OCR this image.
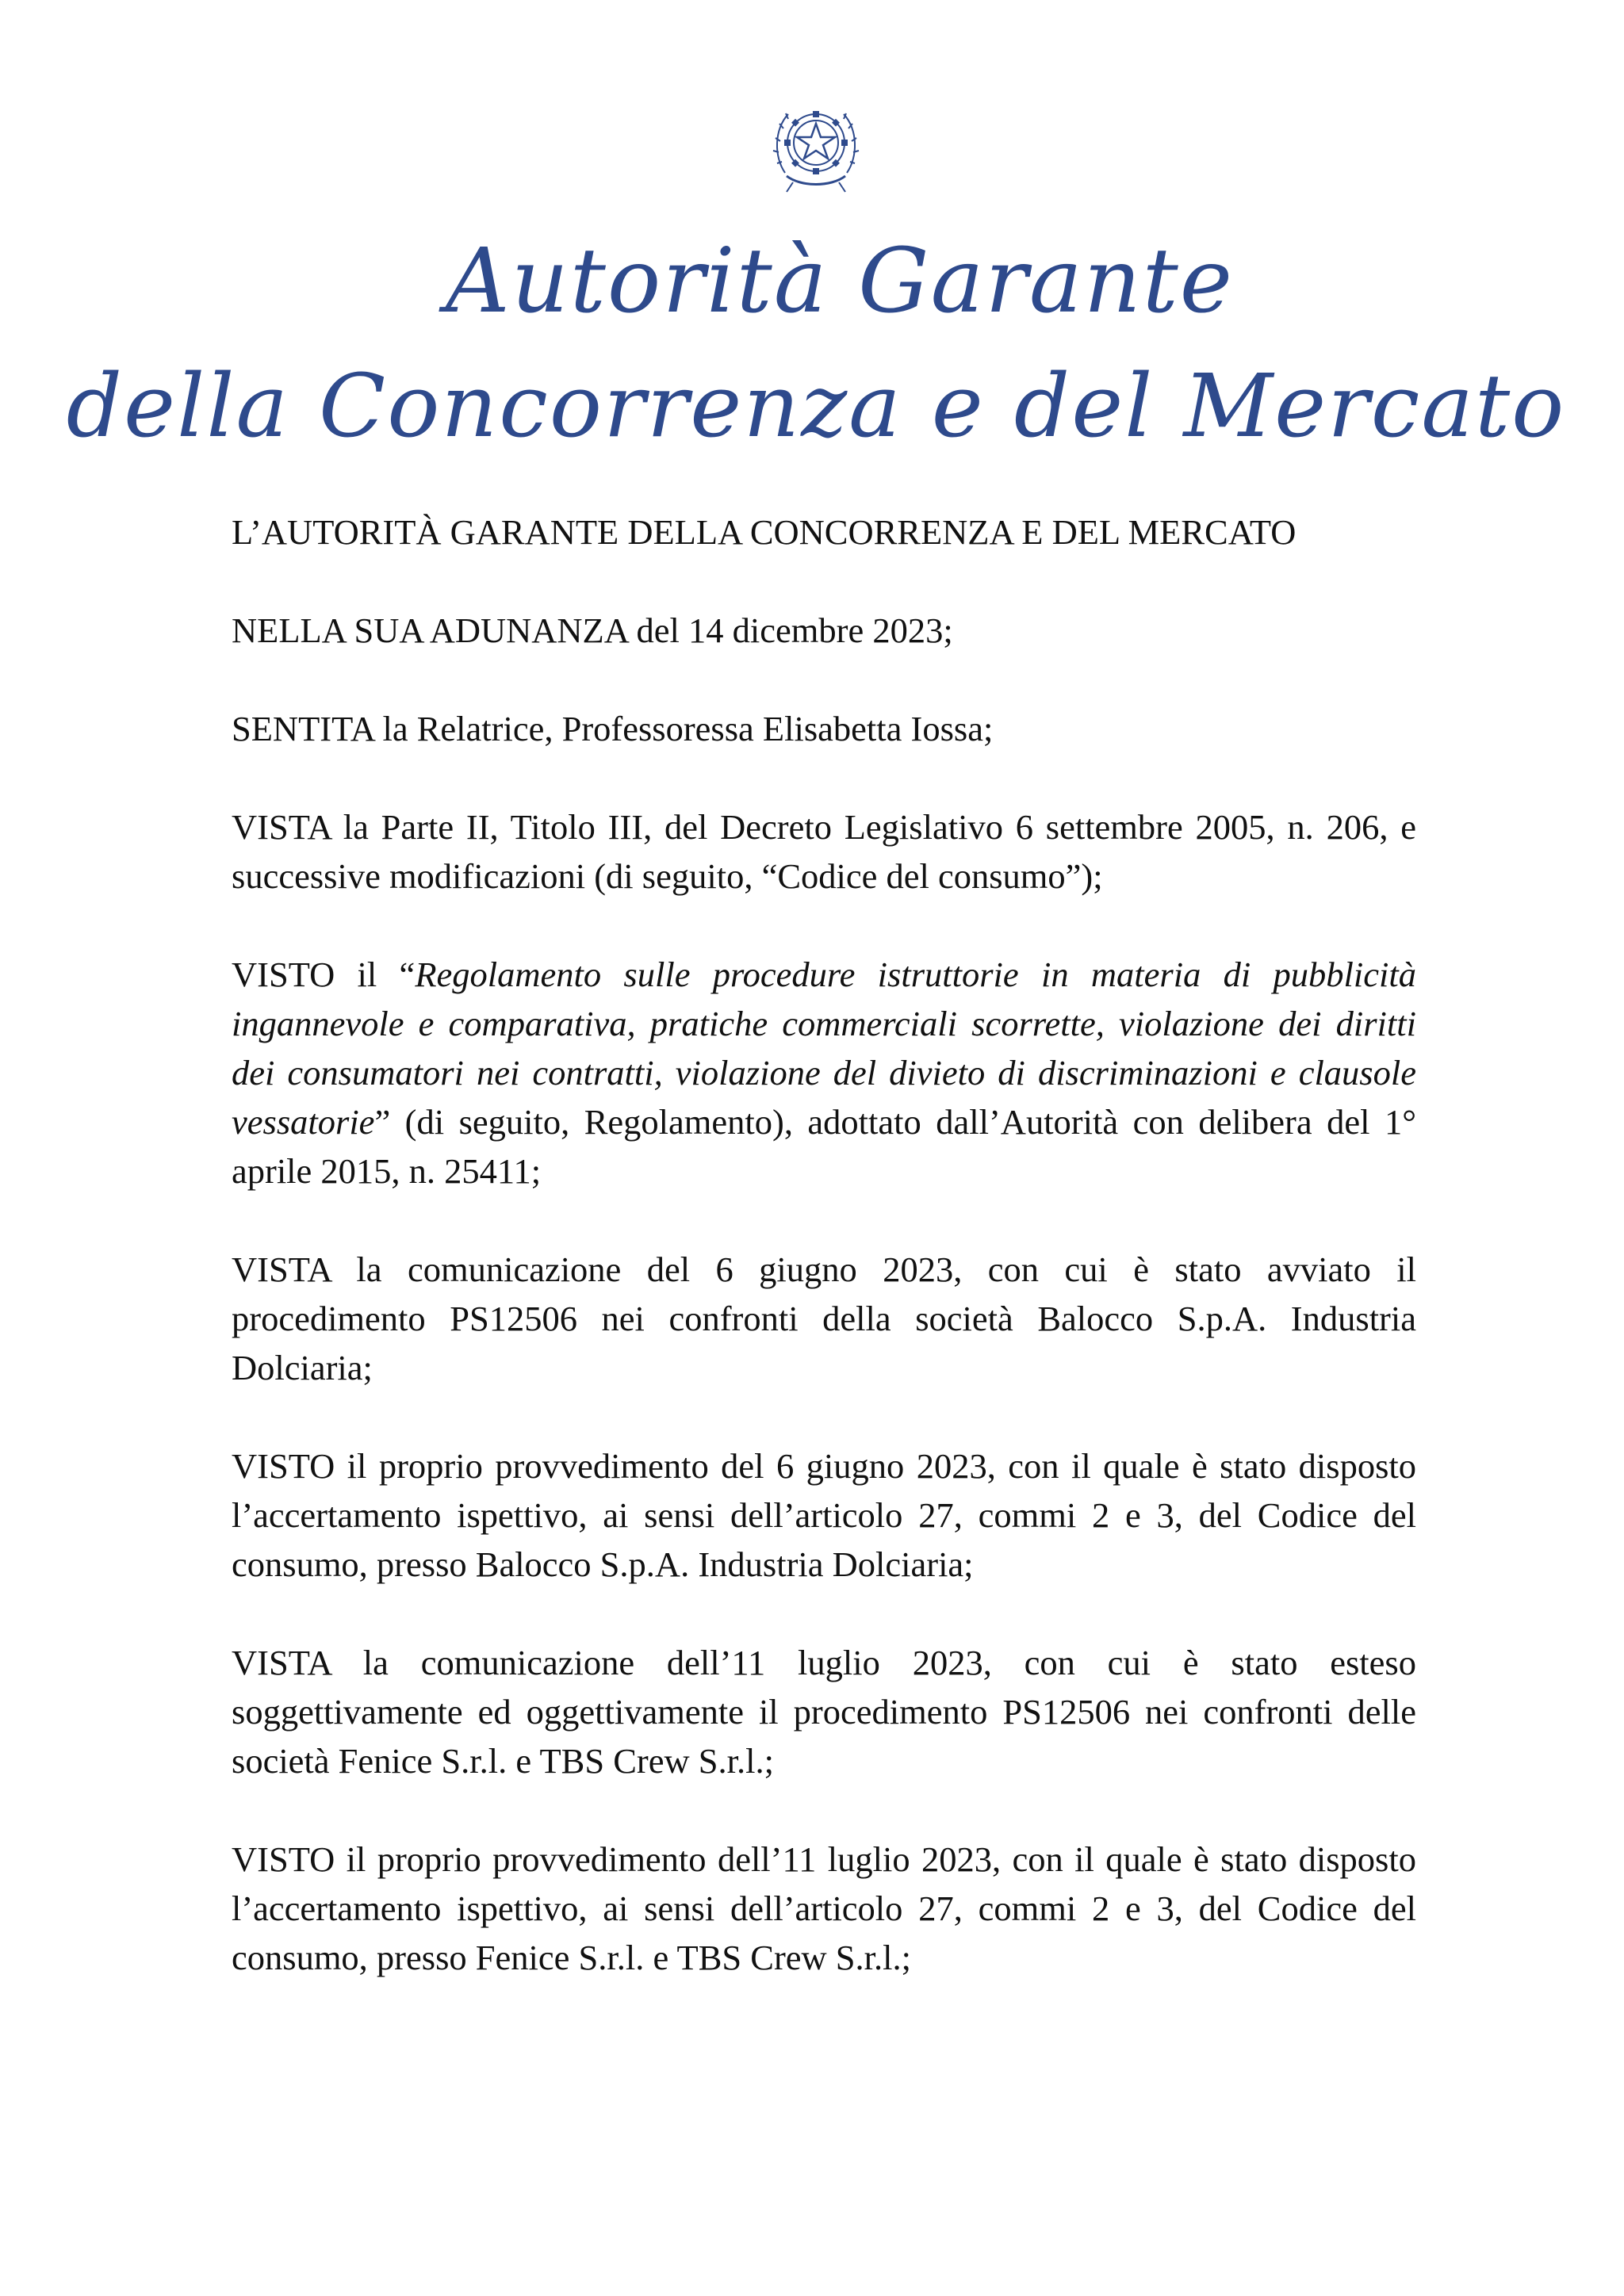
Autorità Garante
della Concorrenza e del Mercato

L’AUTORITÀ GARANTE DELLA CONCORRENZA E DEL MERCATO

NELLA SUA ADUNANZA del 14 dicembre 2023;

SENTITA la Relatrice, Professoressa Elisabetta Iossa;

VISTA la Parte II, Titolo III, del Decreto Legislativo 6 settembre 2005, n. 206, e successive modificazioni (di seguito, “Codice del consumo”);

VISTO il “Regolamento sulle procedure istruttorie in materia di pubblicità ingannevole e comparativa, pratiche commerciali scorrette, violazione dei diritti dei consumatori nei contratti, violazione del divieto di discriminazioni e clausole vessatorie” (di seguito, Regolamento), adottato dall’Autorità con delibera del 1° aprile 2015, n. 25411;

VISTA la comunicazione del 6 giugno 2023, con cui è stato avviato il procedimento PS12506 nei confronti della società Balocco S.p.A. Industria Dolciaria;

VISTO il proprio provvedimento del 6 giugno 2023, con il quale è stato disposto l’accertamento ispettivo, ai sensi dell’articolo 27, commi 2 e 3, del Codice del consumo, presso Balocco S.p.A. Industria Dolciaria;

VISTA la comunicazione dell’11 luglio 2023, con cui è stato esteso soggettivamente ed oggettivamente il procedimento PS12506 nei confronti delle società Fenice S.r.l. e TBS Crew S.r.l.;

VISTO il proprio provvedimento dell’11 luglio 2023, con il quale è stato disposto l’accertamento ispettivo, ai sensi dell’articolo 27, commi 2 e 3, del Codice del consumo, presso Fenice S.r.l. e TBS Crew S.r.l.;
